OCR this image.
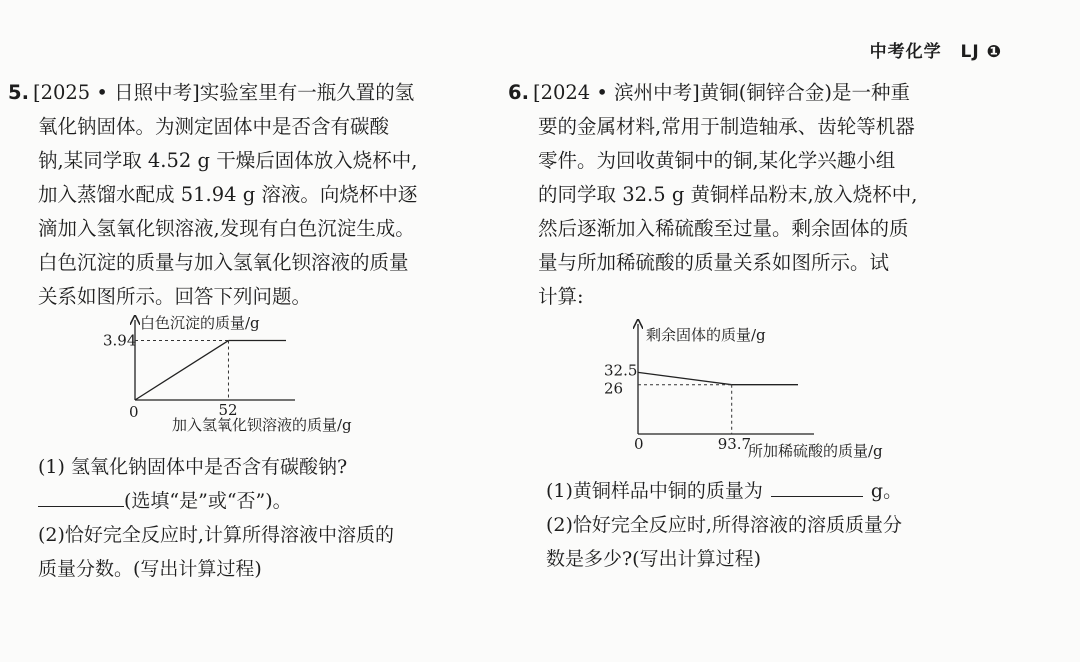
中考化学 LJ ❶
5. [2025 • 日照中考]实验室里有一瓶久置的氢
氧化钠固体。为测定固体中是否含有碳酸
钠,某同学取 4.52 g 干燥后固体放入烧杯中,
加入蒸馏水配成 51.94 g 溶液。向烧杯中逐
滴加入氢氧化钡溶液,发现有白色沉淀生成。
白色沉淀的质量与加入氢氧化钡溶液的质量
关系如图所示。回答下列问题。
白色沉淀的质量/g
0
加入氢氧化钡溶液的质量/g
52
3.94
(1) 氢氧化钠固体中是否含有碳酸钠?
(选填“是”或“否”)。
(2)恰好完全反应时,计算所得溶液中溶质的
质量分数。(写出计算过程)
6. [2024 • 滨州中考]黄铜(铜锌合金)是一种重
要的金属材料,常用于制造轴承、齿轮等机器
零件。为回收黄铜中的铜,某化学兴趣小组
的同学取 32.5 g 黄铜样品粉末,放入烧杯中,
然后逐渐加入稀硫酸至过量。剩余固体的质
量与所加稀硫酸的质量关系如图所示。试
计算:
剩余固体的质量/g
0	所加稀硫酸的质量/g
93.7
32.5
26
(1)黄铜样品中铜的质量为	g。
(2)恰好完全反应时,所得溶液的溶质质量分
数是多少?(写出计算过程)
